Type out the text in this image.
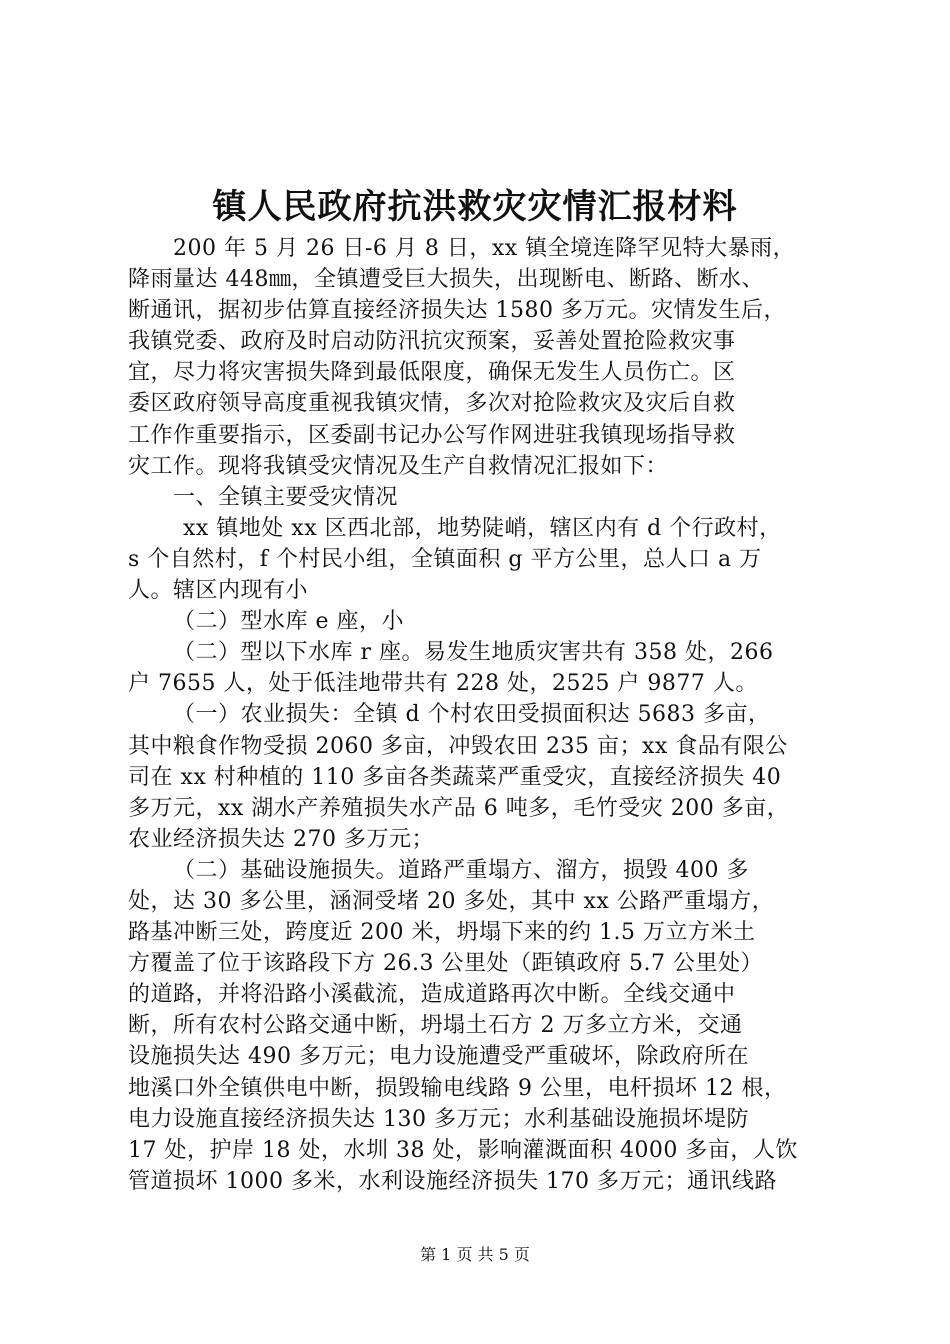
镇人民政府抗洪救灾灾情汇报材料
200 年 5 月 26 日-6 月 8 日，xx 镇全境连降罕见特大暴雨，
降雨量达 448㎜，全镇遭受巨大损失，出现断电、断路、断水、
断通讯，据初步估算直接经济损失达 1580 多万元。灾情发生后，
我镇党委、政府及时启动防汛抗灾预案，妥善处置抢险救灾事
宜，尽力将灾害损失降到最低限度，确保无发生人员伤亡。区
委区政府领导高度重视我镇灾情，多次对抢险救灾及灾后自救
工作作重要指示，区委副书记办公写作网进驻我镇现场指导救
灾工作。现将我镇受灾情况及生产自救情况汇报如下：
一、全镇主要受灾情况
xx 镇地处 xx 区西北部，地势陡峭，辖区内有 d 个行政村，
s 个自然村，f 个村民小组，全镇面积 g 平方公里，总人口 a 万
人。辖区内现有小
（二）型水库 e 座，小
（二）型以下水库 r 座。易发生地质灾害共有 358 处，266
户 7655 人，处于低洼地带共有 228 处，2525 户 9877 人。
（一）农业损失：全镇 d 个村农田受损面积达 5683 多亩，
其中粮食作物受损 2060 多亩，冲毁农田 235 亩；xx 食品有限公
司在 xx 村种植的 110 多亩各类蔬菜严重受灾，直接经济损失 40
多万元，xx 湖水产养殖损失水产品 6 吨多，毛竹受灾 200 多亩，
农业经济损失达 270 多万元；
（二）基础设施损失。道路严重塌方、溜方，损毁 400 多
处，达 30 多公里，涵洞受堵 20 多处，其中 xx 公路严重塌方，
路基冲断三处，跨度近 200 米，坍塌下来的约 1.5 万立方米土
方覆盖了位于该路段下方 26.3 公里处（距镇政府 5.7 公里处）
的道路，并将沿路小溪截流，造成道路再次中断。全线交通中
断，所有农村公路交通中断，坍塌土石方 2 万多立方米，交通
设施损失达 490 多万元；电力设施遭受严重破坏，除政府所在
地溪口外全镇供电中断，损毁输电线路 9 公里，电杆损坏 12 根，
电力设施直接经济损失达 130 多万元；水利基础设施损坏堤防
17 处，护岸 18 处，水圳 38 处，影响灌溉面积 4000 多亩，人饮
管道损坏 1000 多米，水利设施经济损失 170 多万元；通讯线路
第 1 页 共 5 页
